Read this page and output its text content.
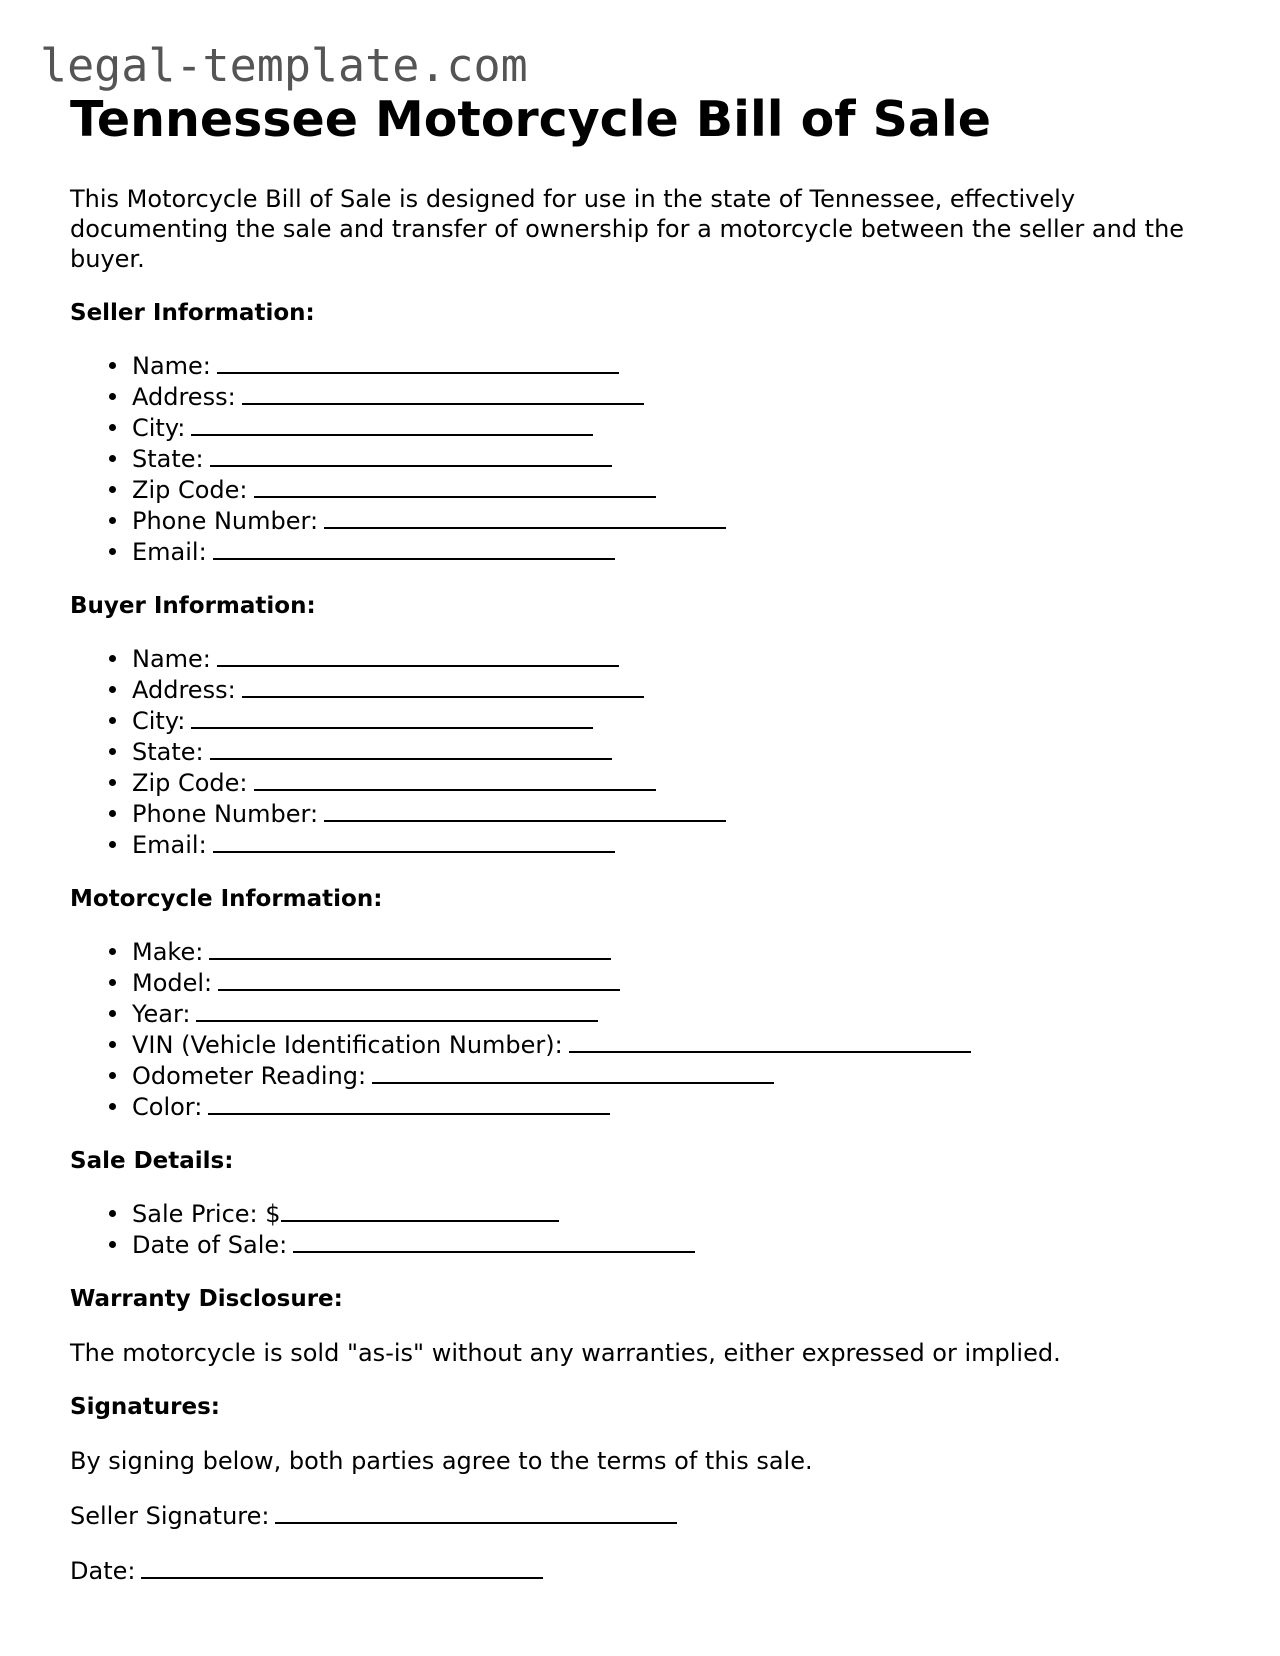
legal-template.com
Tennessee Motorcycle Bill of Sale

This Motorcycle Bill of Sale is designed for use in the state of Tennessee, effectively documenting the sale and transfer of ownership for a motorcycle between the seller and the buyer.

Seller Information:
Name:
Address:
City:
State:
Zip Code:
Phone Number:
Email:
Buyer Information:
Name:
Address:
City:
State:
Zip Code:
Phone Number:
Email:
Motorcycle Information:
Make:
Model:
Year:
VIN (Vehicle Identification Number):
Odometer Reading:
Color:
Sale Details:
Sale Price: $
Date of Sale:
Warranty Disclosure:

The motorcycle is sold "as-is" without any warranties, either expressed or implied.

Signatures:

By signing below, both parties agree to the terms of this sale.

Seller Signature:

Date:
